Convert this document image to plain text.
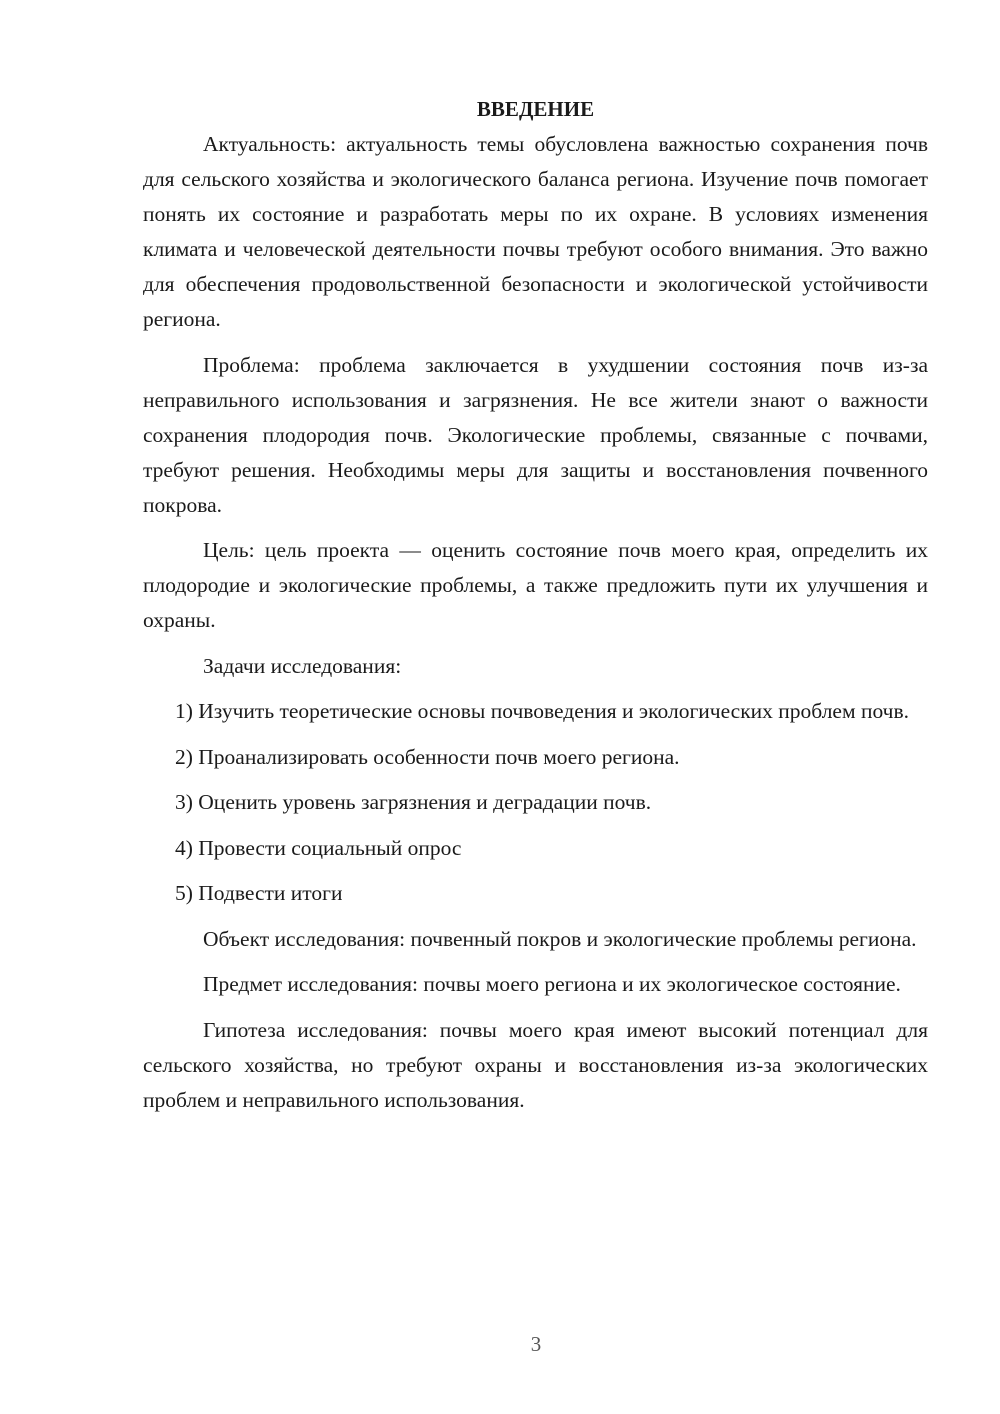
ВВЕДЕНИЕ

Актуальность: актуальность темы обусловлена важностью сохранения почв для сельского хозяйства и экологического баланса региона. Изучение почв помогает понять их состояние и разработать меры по их охране. В условиях изменения климата и человеческой деятельности почвы требуют особого внимания. Это важно для обеспечения продовольственной безопасности и экологической устойчивости региона.

Проблема: проблема заключается в ухудшении состояния почв из-за неправильного использования и загрязнения. Не все жители знают о важности сохранения плодородия почв. Экологические проблемы, связанные с почвами, требуют решения. Необходимы меры для защиты и восстановления почвенного покрова.

Цель: цель проекта — оценить состояние почв моего края, определить их плодородие и экологические проблемы, а также предложить пути их улучшения и охраны.

Задачи исследования:

1) Изучить теоретические основы почвоведения и экологических проблем почв.

2) Проанализировать особенности почв моего региона.

3) Оценить уровень загрязнения и деградации почв.

4) Провести социальный опрос

5) Подвести итоги

Объект исследования: почвенный покров и экологические проблемы региона.

Предмет исследования: почвы моего региона и их экологическое состояние.

Гипотеза исследования: почвы моего края имеют высокий потенциал для сельского хозяйства, но требуют охраны и восстановления из-за экологических проблем и неправильного использования.

3
